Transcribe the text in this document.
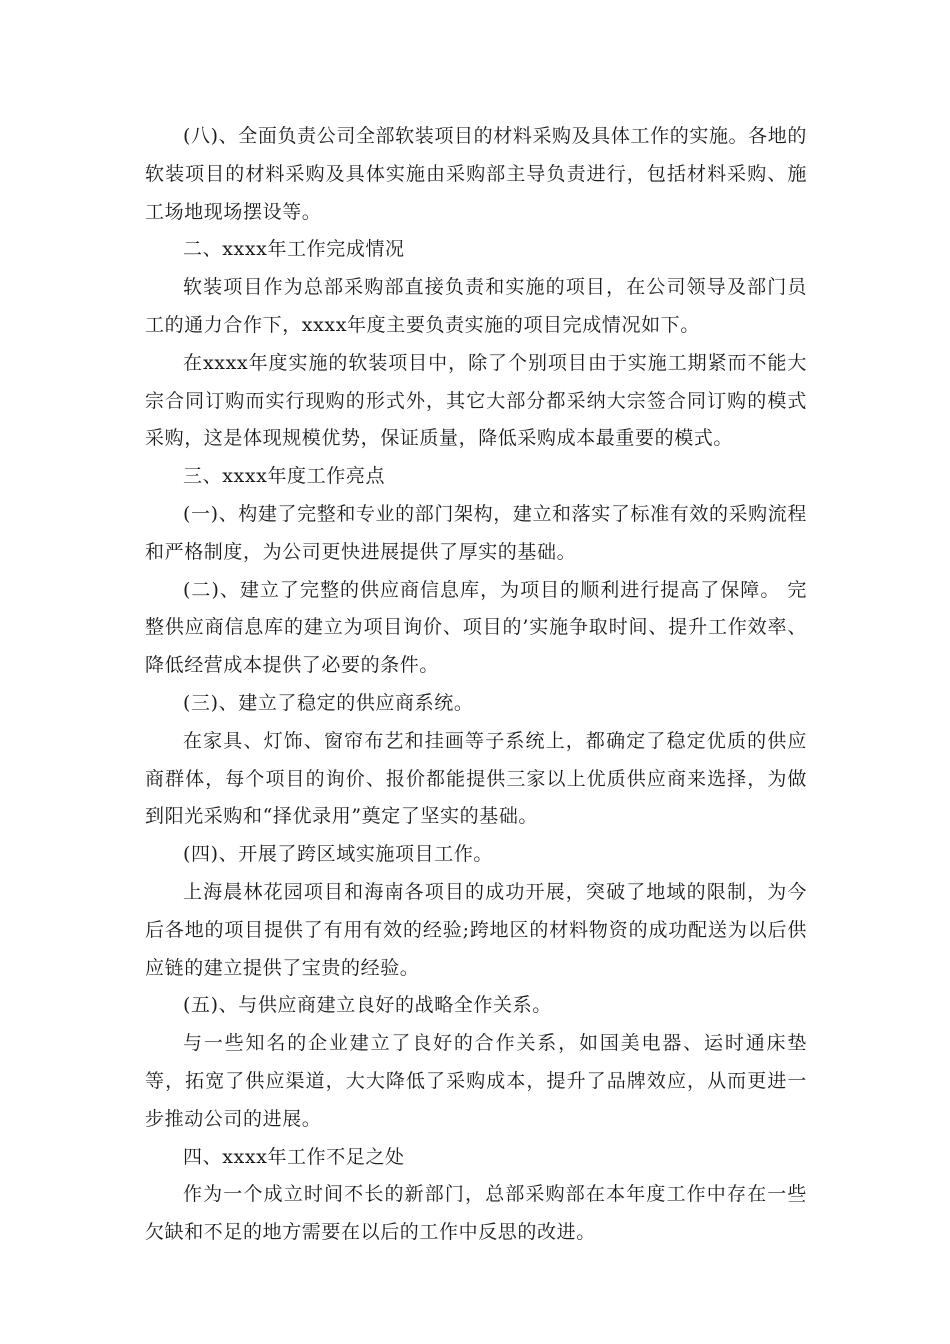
(八)、全面负责公司全部软装项目的材料采购及具体工作的实施。各地的软装项目的材料采购及具体实施由采购部主导负责进行，包括材料采购、施工场地现场摆设等。

二、xxxx年工作完成情况

软装项目作为总部采购部直接负责和实施的项目，在公司领导及部门员工的通力合作下，xxxx年度主要负责实施的项目完成情况如下。

在xxxx年度实施的软装项目中，除了个别项目由于实施工期紧而不能大宗合同订购而实行现购的形式外，其它大部分都采纳大宗签合同订购的模式采购，这是体现规模优势，保证质量，降低采购成本最重要的模式。

三、xxxx年度工作亮点

(一)、构建了完整和专业的部门架构，建立和落实了标准有效的采购流程和严格制度，为公司更快进展提供了厚实的基础。

(二)、建立了完整的供应商信息库，为项目的顺利进行提高了保障。 完整供应商信息库的建立为项目询价、项目的’实施争取时间、提升工作效率、降低经营成本提供了必要的条件。

(三)、建立了稳定的供应商系统。

在家具、灯饰、窗帘布艺和挂画等子系统上，都确定了稳定优质的供应商群体，每个项目的询价、报价都能提供三家以上优质供应商来选择，为做到阳光采购和“择优录用”奠定了坚实的基础。

(四)、开展了跨区域实施项目工作。

上海晨林花园项目和海南各项目的成功开展，突破了地域的限制，为今后各地的项目提供了有用有效的经验;跨地区的材料物资的成功配送为以后供应链的建立提供了宝贵的经验。

(五)、与供应商建立良好的战略全作关系。

与一些知名的企业建立了良好的合作关系，如国美电器、运时通床垫等，拓宽了供应渠道，大大降低了采购成本，提升了品牌效应，从而更进一步推动公司的进展。

四、xxxx年工作不足之处

作为一个成立时间不长的新部门，总部采购部在本年度工作中存在一些欠缺和不足的地方需要在以后的工作中反思的改进。
